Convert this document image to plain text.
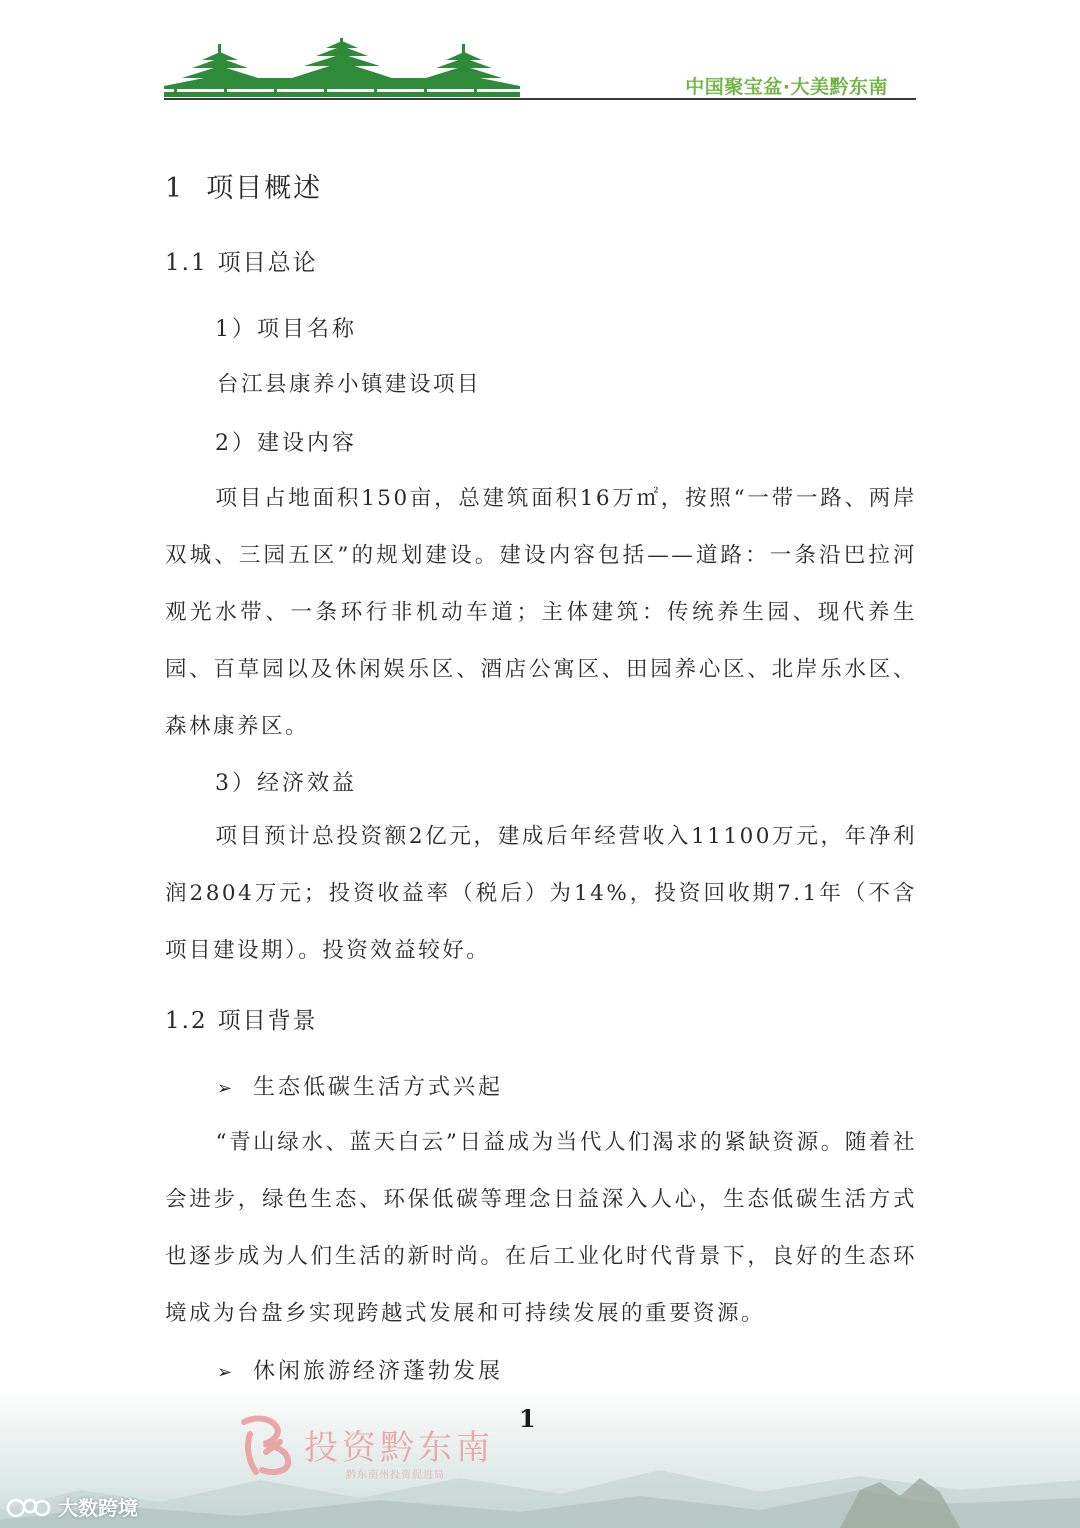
中国聚宝盆·大美黔东南
1 项目概述
1.1 项目总论
1）项目名称

台江县康养小镇建设项目

2）建设内容

项目占地面积150亩，总建筑面积16万㎡，按照“一带一路、两岸双城、三园五区”的规划建设。建设内容包括——道路：一条沿巴拉河观光水带、一条环行非机动车道；主体建筑：传统养生园、现代养生园、百草园以及休闲娱乐区、酒店公寓区、田园养心区、北岸乐水区、森林康养区。

3）经济效益

项目预计总投资额2亿元，建成后年经营收入11100万元，年净利润2804万元；投资收益率（税后）为14%，投资回收期7.1年（不含项目建设期）。投资效益较好。

1.2 项目背景
➢ 生态低碳生活方式兴起

“青山绿水、蓝天白云”日益成为当代人们渴求的紧缺资源。随着社会进步，绿色生态、环保低碳等理念日益深入人心，生态低碳生活方式也逐步成为人们生活的新时尚。在后工业化时代背景下，良好的生态环境成为台盘乡实现跨越式发展和可持续发展的重要资源。

➢ 休闲旅游经济蓬勃发展
1
投资黔东南
黔东南州投资促进局
大数跨境
